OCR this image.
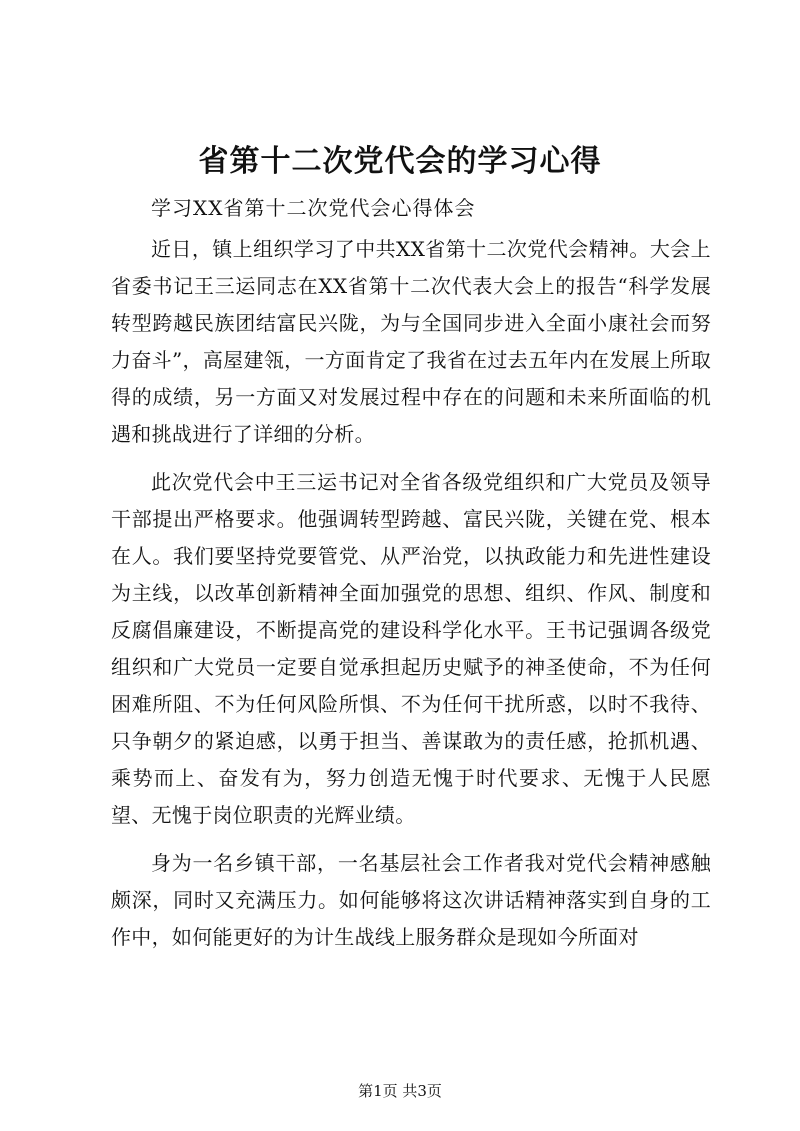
省第十二次党代会的学习心得

学习XX省第十二次党代会心得体会

近日，镇上组织学习了中共XX省第十二次党代会精神。大会上省委书记王三运同志在XX省第十二次代表大会上的报告“科学发展转型跨越民族团结富民兴陇，为与全国同步进入全面小康社会而努力奋斗”，高屋建瓴，一方面肯定了我省在过去五年内在发展上所取得的成绩，另一方面又对发展过程中存在的问题和未来所面临的机遇和挑战进行了详细的分析。

此次党代会中王三运书记对全省各级党组织和广大党员及领导干部提出严格要求。他强调转型跨越、富民兴陇，关键在党、根本在人。我们要坚持党要管党、从严治党，以执政能力和先进性建设为主线，以改革创新精神全面加强党的思想、组织、作风、制度和反腐倡廉建设，不断提高党的建设科学化水平。王书记强调各级党组织和广大党员一定要自觉承担起历史赋予的神圣使命，不为任何困难所阻、不为任何风险所惧、不为任何干扰所惑，以时不我待、只争朝夕的紧迫感，以勇于担当、善谋敢为的责任感，抢抓机遇、乘势而上、奋发有为，努力创造无愧于时代要求、无愧于人民愿望、无愧于岗位职责的光辉业绩。

身为一名乡镇干部，一名基层社会工作者我对党代会精神感触颇深，同时又充满压力。如何能够将这次讲话精神落实到自身的工作中，如何能更好的为计生战线上服务群众是现如今所面对

第1页 共3页
